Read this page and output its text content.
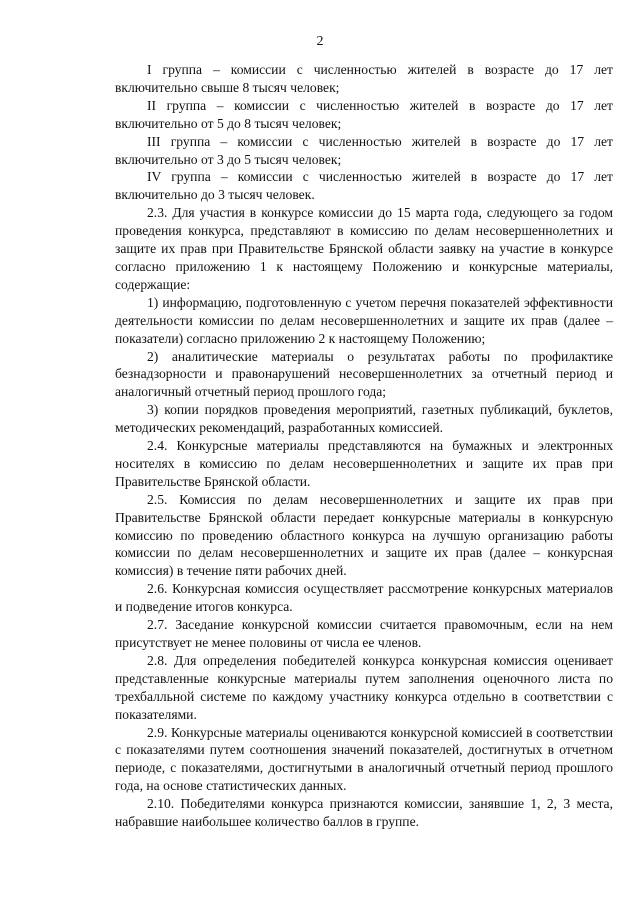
2

I группа – комиссии с численностью жителей в возрасте до 17 лет включительно свыше 8 тысяч человек;

II группа – комиссии с численностью жителей в возрасте до 17 лет включительно от 5 до 8 тысяч человек;

III группа – комиссии с численностью жителей в возрасте до 17 лет включительно от 3 до 5 тысяч человек;

IV группа – комиссии с численностью жителей в возрасте до 17 лет включительно до 3 тысяч человек.

2.3. Для участия в конкурсе комиссии до 15 марта года, следующего за годом проведения конкурса, представляют в комиссию по делам несовершеннолетних и защите их прав при Правительстве Брянской области заявку на участие в конкурсе согласно приложению 1 к настоящему Положению и конкурсные материалы, содержащие:

1) информацию, подготовленную с учетом перечня показателей эффективности деятельности комиссии по делам несовершеннолетних и защите их прав (далее – показатели) согласно приложению 2 к настоящему Положению;

2) аналитические материалы о результатах работы по профилактике безнадзорности и правонарушений несовершеннолетних за отчетный период и аналогичный отчетный период прошлого года;

3) копии порядков проведения мероприятий, газетных публикаций, буклетов, методических рекомендаций, разработанных комиссией.

2.4. Конкурсные материалы представляются на бумажных и электронных носителях в комиссию по делам несовершеннолетних и защите их прав при Правительстве Брянской области.

2.5. Комиссия по делам несовершеннолетних и защите их прав при Правительстве Брянской области передает конкурсные материалы в конкурсную комиссию по проведению областного конкурса на лучшую организацию работы комиссии по делам несовершеннолетних и защите их прав (далее – конкурсная комиссия) в течение пяти рабочих дней.

2.6. Конкурсная комиссия осуществляет рассмотрение конкурсных материалов и подведение итогов конкурса.

2.7. Заседание конкурсной комиссии считается правомочным, если на нем присутствует не менее половины от числа ее членов.

2.8. Для определения победителей конкурса конкурсная комиссия оценивает представленные конкурсные материалы путем заполнения оценочного листа по трехбалльной системе по каждому участнику конкурса отдельно в соответствии с показателями.

2.9. Конкурсные материалы оцениваются конкурсной комиссией в соответствии с показателями путем соотношения значений показателей, достигнутых в отчетном периоде, с показателями, достигнутыми в аналогичный отчетный период прошлого года, на основе статистических данных.

2.10. Победителями конкурса признаются комиссии, занявшие 1, 2, 3 места, набравшие наибольшее количество баллов в группе.
